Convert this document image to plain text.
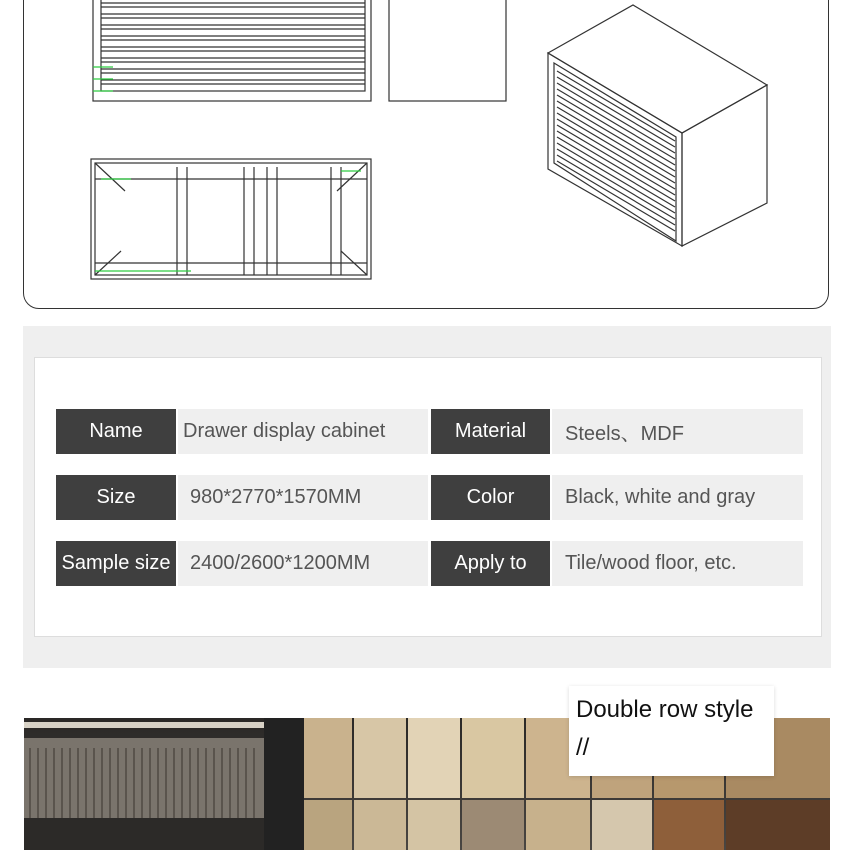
Name	Drawer display cabinet	Material	Steels、MDF
Size	980*2770*1570MM	Color	Black, white and gray
Sample size 2400/2600*1200MM	Apply to	Tile/wood floor, etc.
Double row style
//
